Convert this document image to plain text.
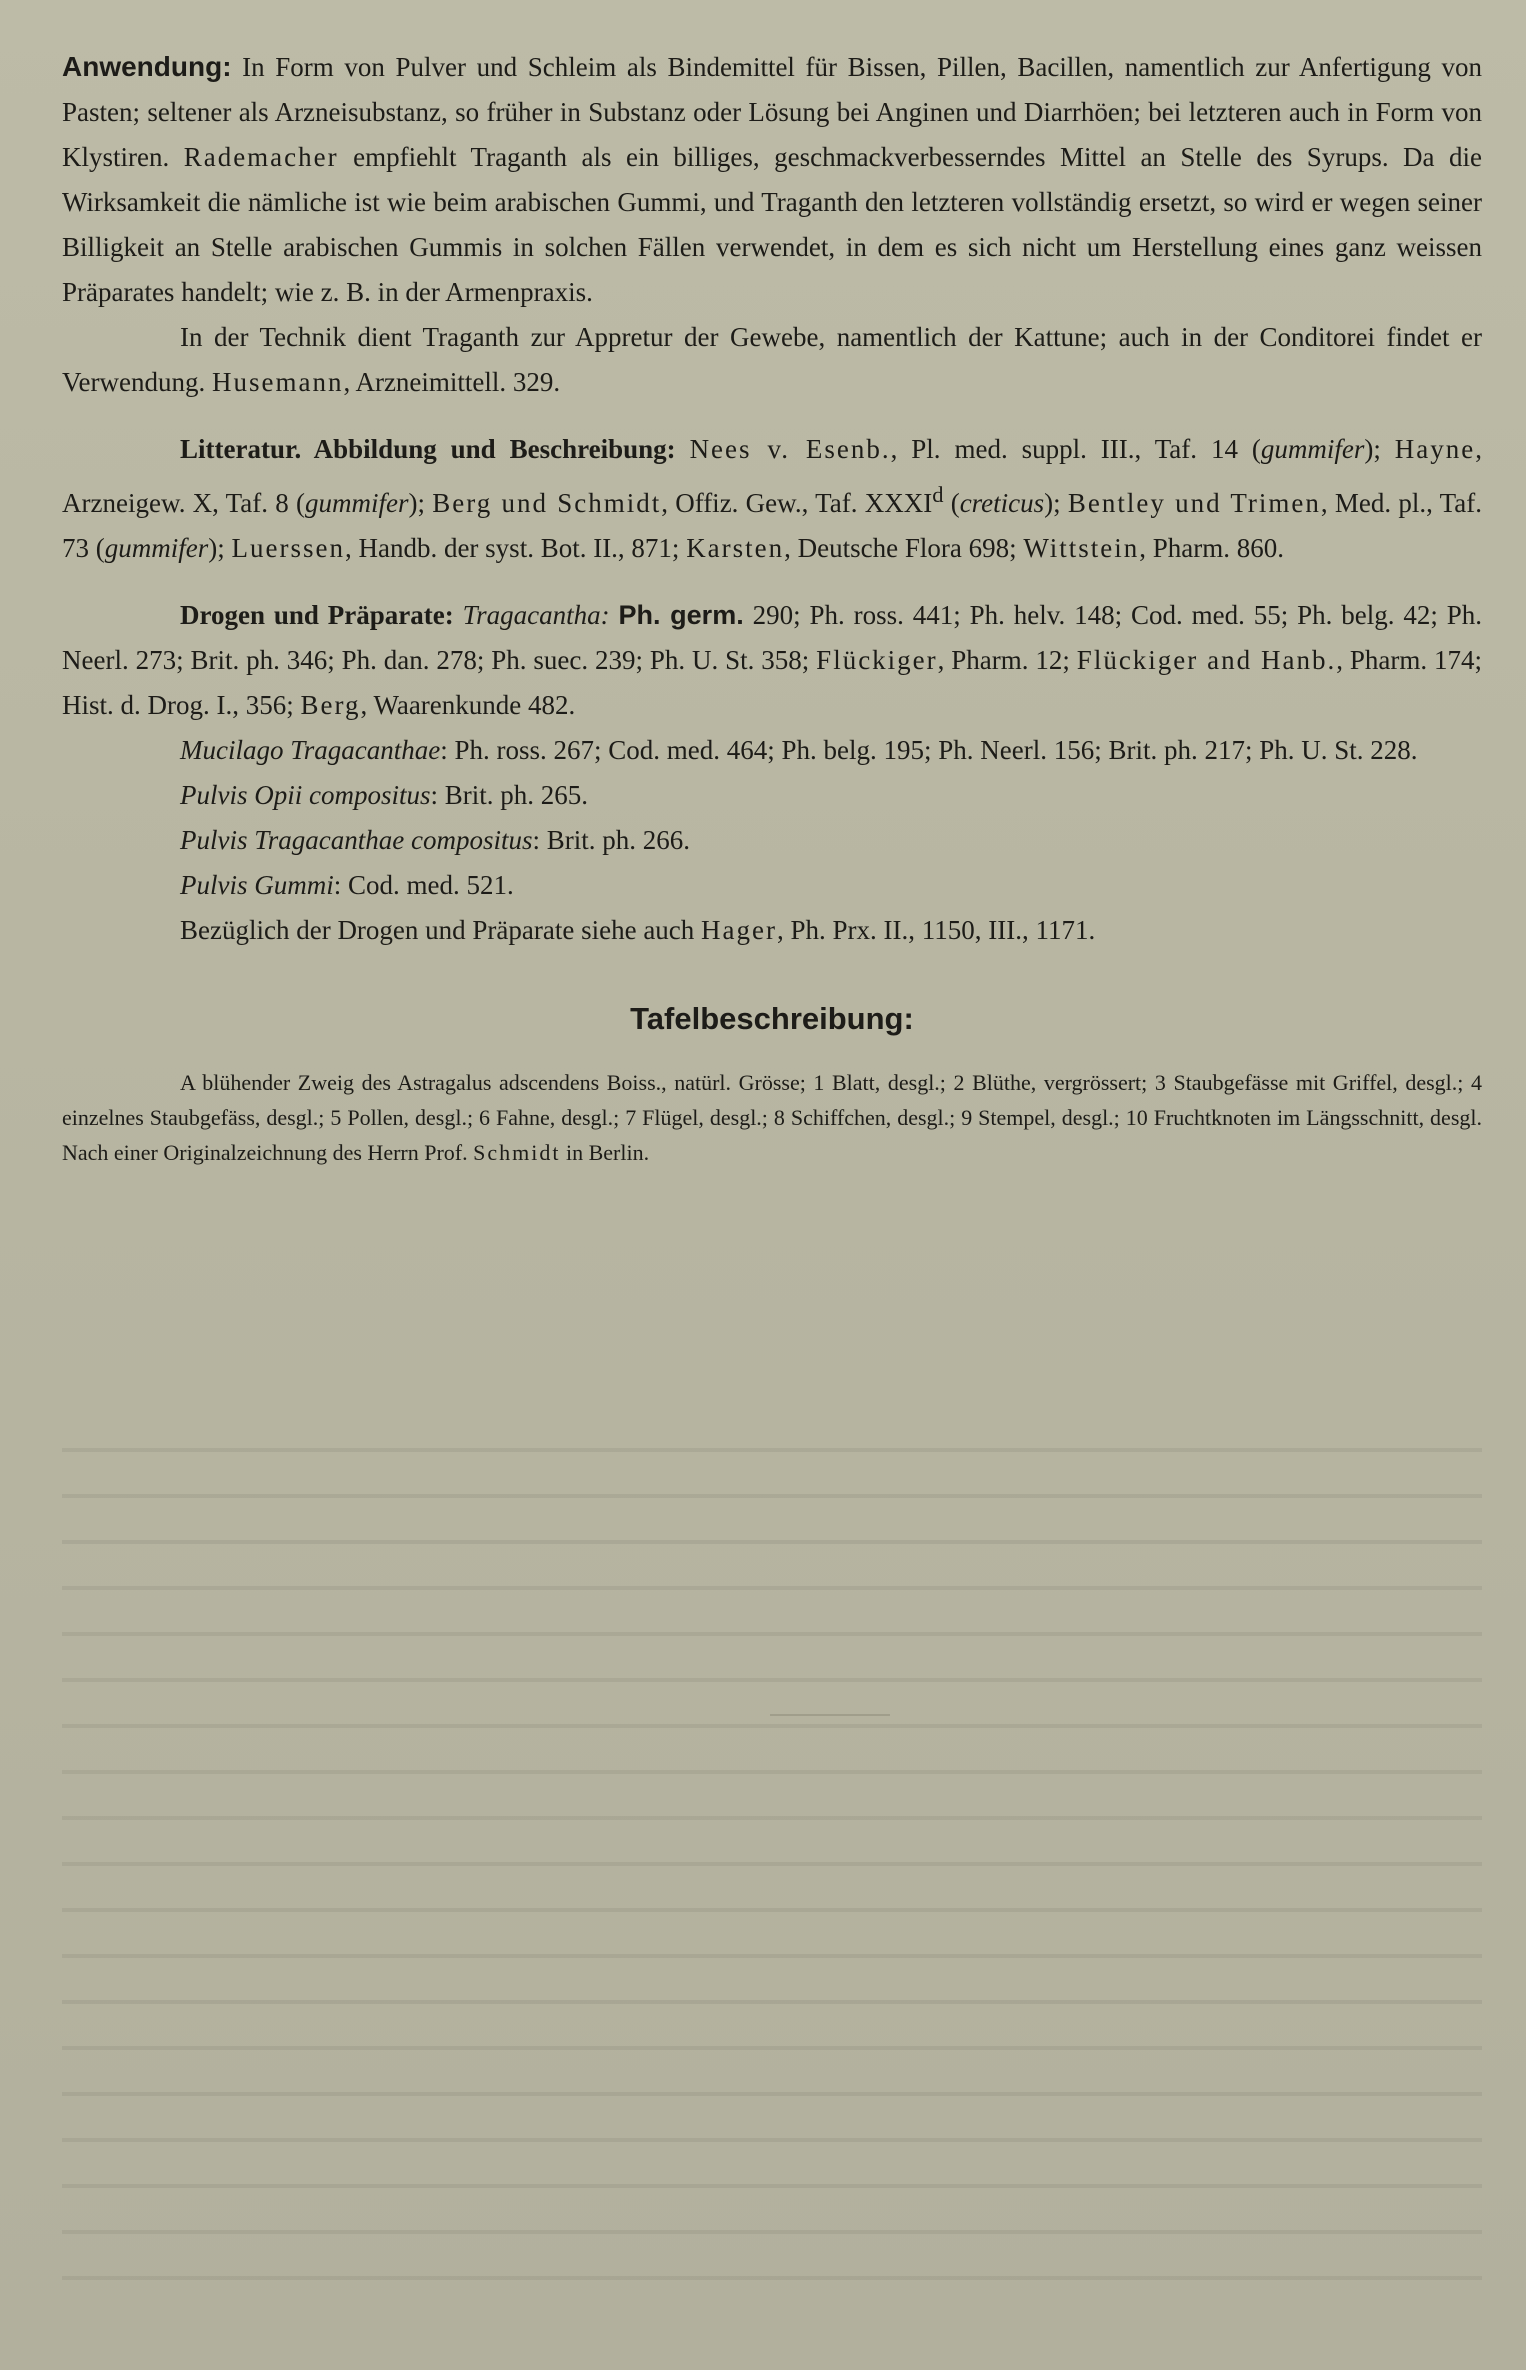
Anwendung: In Form von Pulver und Schleim als Bindemittel für Bissen, Pillen, Bacillen, namentlich zur Anfertigung von Pasten; seltener als Arzneisubstanz, so früher in Substanz oder Lösung bei Anginen und Diarrhöen; bei letzteren auch in Form von Klystiren. Rademacher empfiehlt Traganth als ein billiges, geschmackverbesserndes Mittel an Stelle des Syrups. Da die Wirksamkeit die nämliche ist wie beim arabischen Gummi, und Traganth den letzteren vollständig ersetzt, so wird er wegen seiner Billigkeit an Stelle arabischen Gummis in solchen Fällen verwendet, in dem es sich nicht um Herstellung eines ganz weissen Präparates handelt; wie z. B. in der Armenpraxis.

In der Technik dient Traganth zur Appretur der Gewebe, namentlich der Kattune; auch in der Conditorei findet er Verwendung. Husemann, Arzneimittell. 329.

Litteratur. Abbildung und Beschreibung: Nees v. Esenb., Pl. med. suppl. III., Taf. 14 (gummifer); Hayne, Arzneigew. X, Taf. 8 (gummifer); Berg und Schmidt, Offiz. Gew., Taf. XXXI$^d$ (creticus); Bentley und Trimen, Med. pl., Taf. 73 (gummifer); Luerssen, Handb. der syst. Bot. II., 871; Karsten, Deutsche Flora 698; Wittstein, Pharm. 860.

Drogen und Präparate: Tragacantha: Ph. germ. 290; Ph. ross. 441; Ph. helv. 148; Cod. med. 55; Ph. belg. 42; Ph. Neerl. 273; Brit. ph. 346; Ph. dan. 278; Ph. suec. 239; Ph. U. St. 358; Flückiger, Pharm. 12; Flückiger and Hanb., Pharm. 174; Hist. d. Drog. I., 356; Berg, Waarenkunde 482.

Mucilago Tragacanthae: Ph. ross. 267; Cod. med. 464; Ph. belg. 195; Ph. Neerl. 156; Brit. ph. 217; Ph. U. St. 228.

Pulvis Opii compositus: Brit. ph. 265.

Pulvis Tragacanthae compositus: Brit. ph. 266.

Pulvis Gummi: Cod. med. 521.

Bezüglich der Drogen und Präparate siehe auch Hager, Ph. Prx. II., 1150, III., 1171.

Tafelbeschreibung:

A blühender Zweig des Astragalus adscendens Boiss., natürl. Grösse; 1 Blatt, desgl.; 2 Blüthe, vergrössert; 3 Staubgefässe mit Griffel, desgl.; 4 einzelnes Staubgefäss, desgl.; 5 Pollen, desgl.; 6 Fahne, desgl.; 7 Flügel, desgl.; 8 Schiffchen, desgl.; 9 Stempel, desgl.; 10 Fruchtknoten im Längsschnitt, desgl. Nach einer Originalzeichnung des Herrn Prof. Schmidt in Berlin.
